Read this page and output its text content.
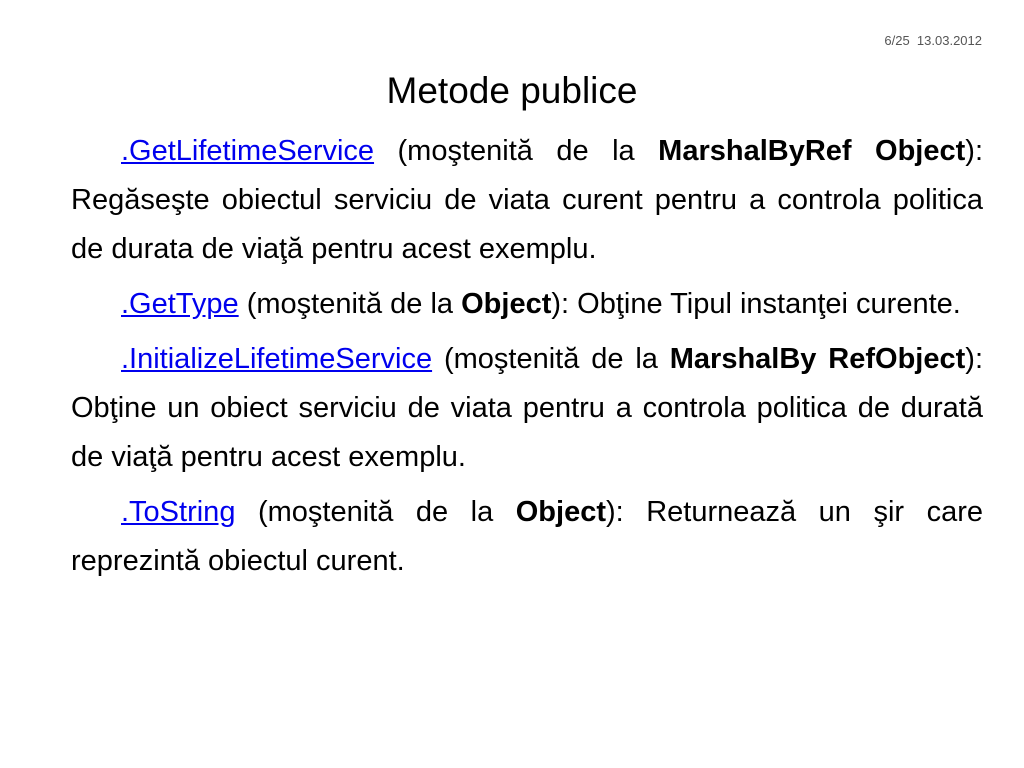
6/25 13.03.2012
Metode publice

.GetLifetimeService (moştenită de la MarshalByRef Object): Regăseşte obiectul serviciu de viata curent pentru a controla politica de durata de viaţă pentru acest exemplu.

.GetType (moştenită de la Object): Obţine Tipul instanţei curente.

.InitializeLifetimeService (moştenită de la MarshalBy RefObject): Obţine un obiect serviciu de viata pentru a controla politica de durată de viaţă pentru acest exemplu.

.ToString (moştenită de la Object): Returnează un şir care reprezintă obiectul curent.
